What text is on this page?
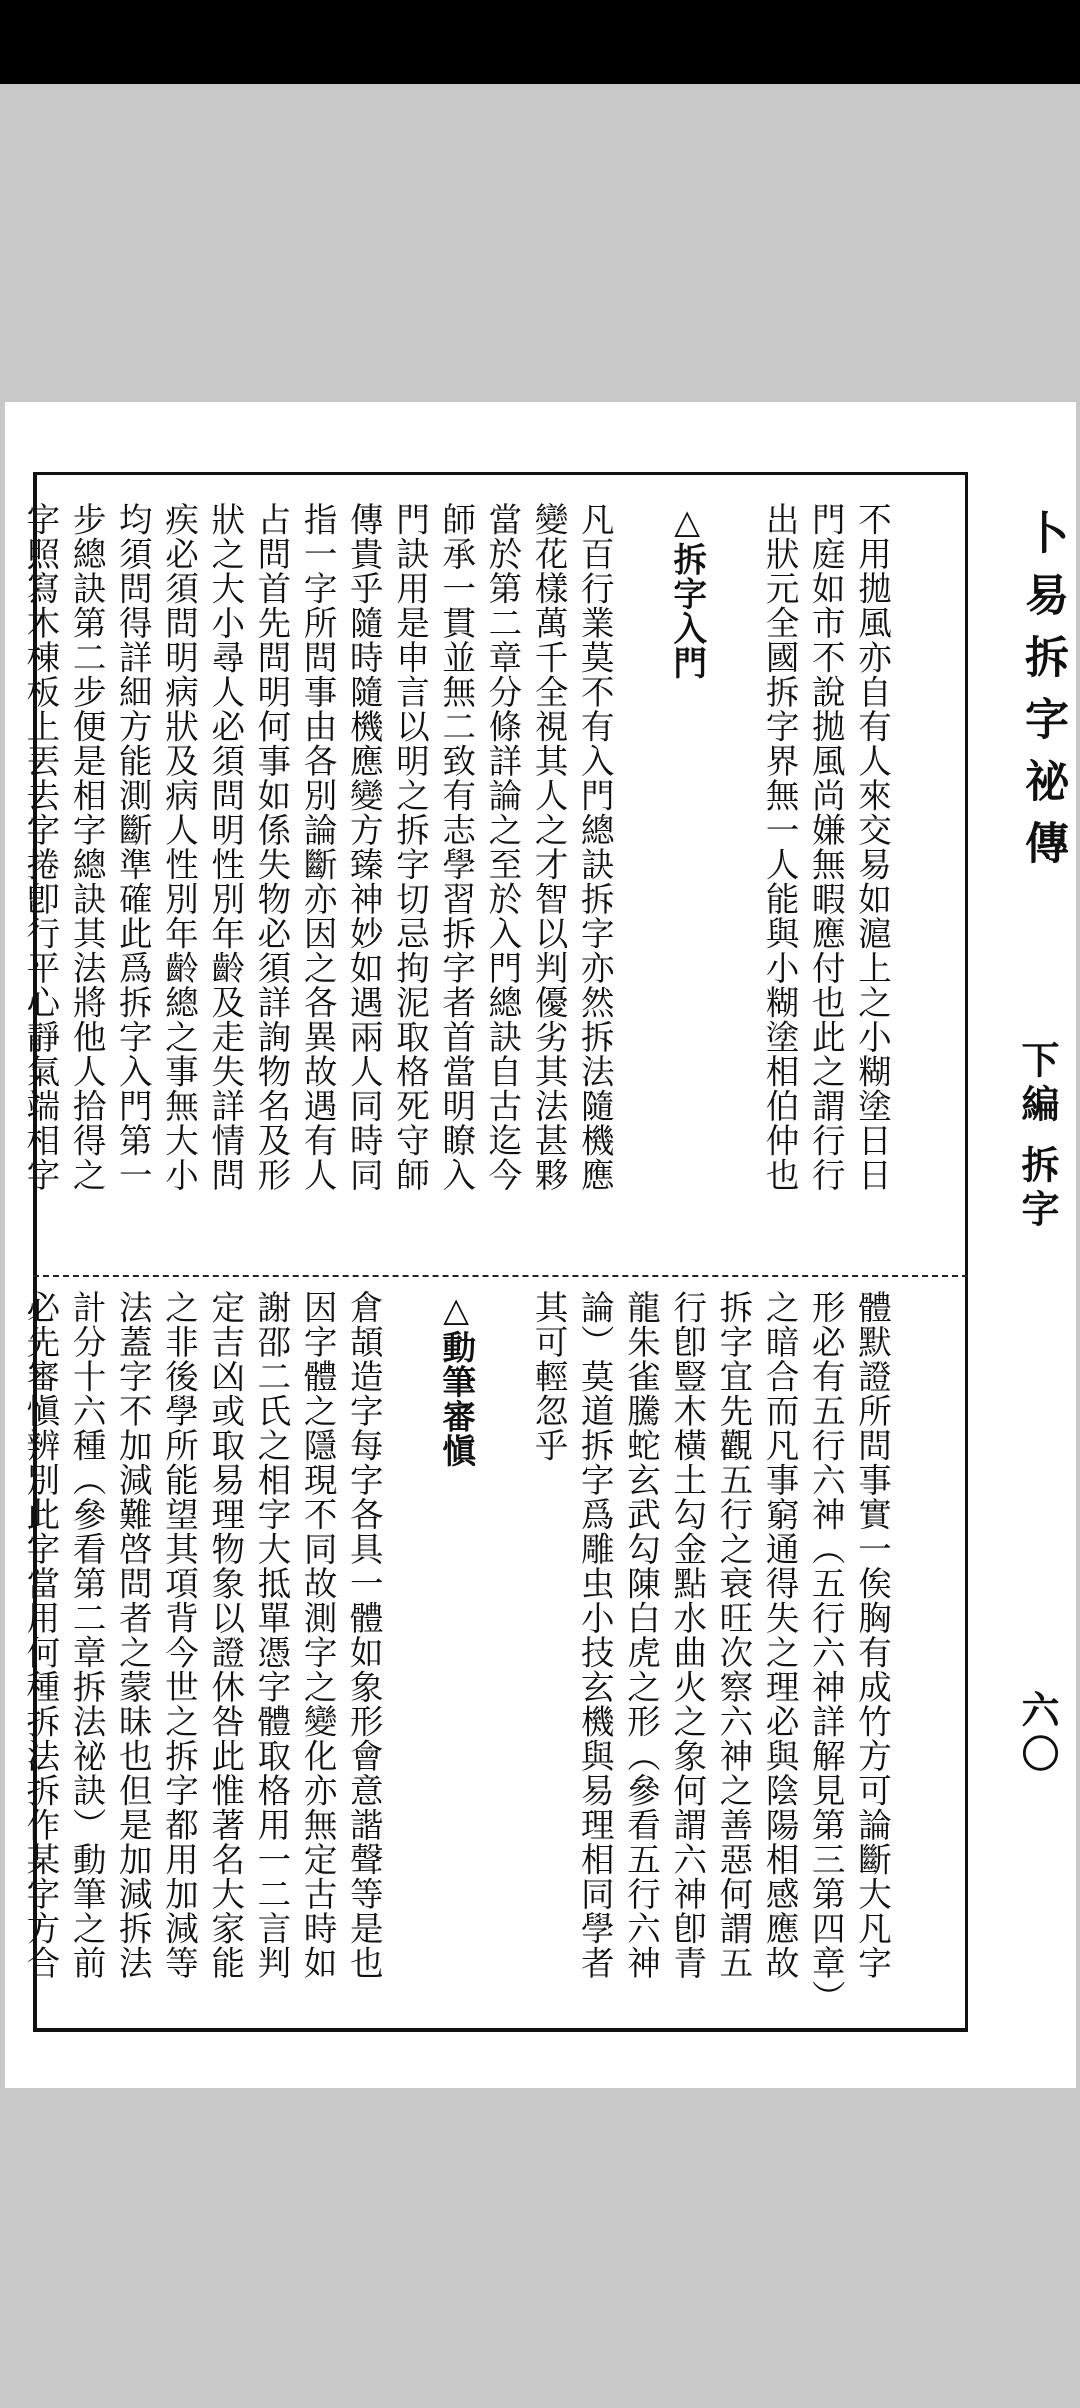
不用拋風亦自有人來交易如滬上之小糊塗日日
門庭如市不說拋風尚嫌無暇應付也此之謂行行
出狀元全國拆字界無一人能與小糊塗相伯仲也
△拆字入門
凡百行業莫不有入門總訣拆字亦然拆法隨機應
變花樣萬千全視其人之才智以判優劣其法甚夥
當於第二章分條詳論之至於入門總訣自古迄今
師承一貫並無二致有志學習拆字者首當明瞭入
門訣用是申言以明之拆字切忌拘泥取格死守師
傳貴乎隨時隨機應變方臻神妙如遇兩人同時同
指一字所問事由各別論斷亦因之各異故遇有人
占問首先問明何事如係失物必須詳詢物名及形
狀之大小尋人必須問明性別年齡及走失詳情問
疾必須問明病狀及病人性別年齡總之事無大小
均須問得詳細方能測斷準確此爲拆字入門第一
步總訣第二步便是相字總訣其法將他人拾得之
字照寫木棟板上丟去字捲卽行平心靜氣端相字
體默證所問事實一俟胸有成竹方可論斷大凡字
形必有五行六神（五行六神詳解見第三第四章）
之暗合而凡事窮通得失之理必與陰陽相感應故
拆字宜先觀五行之衰旺次察六神之善惡何謂五
行卽豎木橫土勾金點水曲火之象何謂六神卽青
龍朱雀騰蛇玄武勾陳白虎之形（參看五行六神
論）莫道拆字爲雕虫小技玄機與易理相同學者
其可輕忽乎
△動筆審愼
倉頡造字每字各具一體如象形會意諧聲等是也
因字體之隱現不同故測字之變化亦無定古時如
謝邵二氏之相字大抵單憑字體取格用一二言判
定吉凶或取易理物象以證休咎此惟著名大家能
之非後學所能望其項背今世之拆字都用加減等
法蓋字不加減難啓問者之蒙昧也但是加減拆法
計分十六種（參看第二章拆法祕訣）動筆之前
必先審愼辨別此字當用何種拆法拆作某字方合
卜易拆字祕傳
下編
拆字
六〇
